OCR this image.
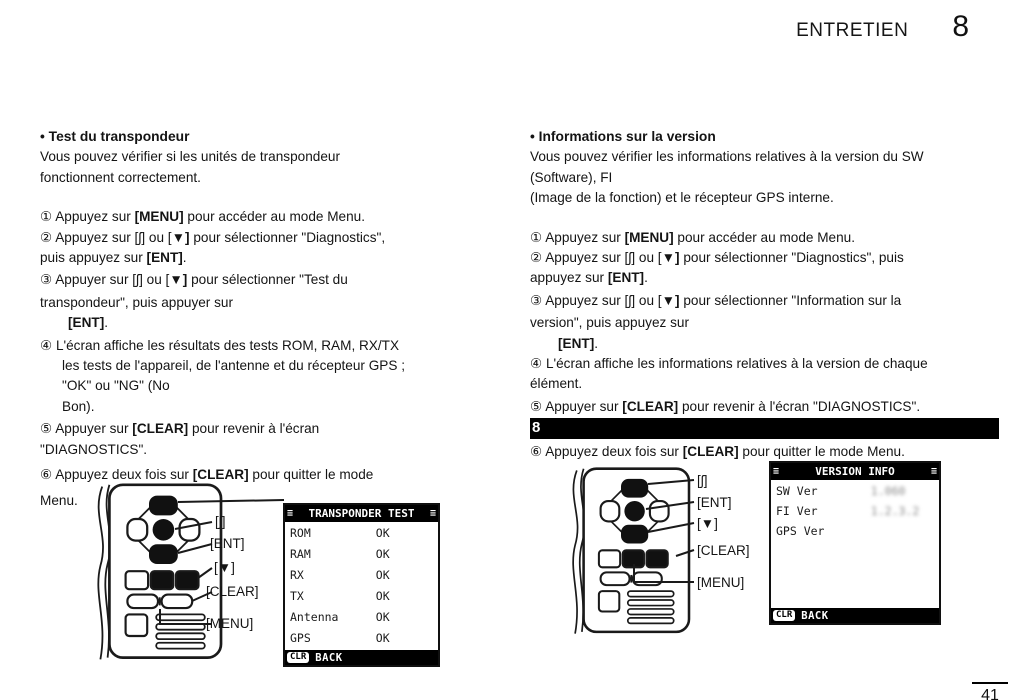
ENTRETIEN 8
• Test du transpondeur
Vous pouvez vérifier si les unités de transpondeur
fonctionnent correctement.
① Appuyez sur [MENU] pour accéder au mode Menu.
② Appuyez sur [ʃ] ou [▼] pour sélectionner "Diagnostics",
puis appuyez sur [ENT].
③ Appuyer sur [ʃ] ou [▼] pour sélectionner "Test du
transpondeur", puis appuyer sur
[ENT].
④ L'écran affiche les résultats des tests ROM, RAM, RX/TX
les tests de l'appareil, de l'antenne et du récepteur GPS ;
"OK" ou "NG" (No
Bon).
⑤ Appuyer sur [CLEAR] pour revenir à l'écran
"DIAGNOSTICS".
⑥ Appuyez deux fois sur [CLEAR] pour quitter le mode
Menu.
• Informations sur la version
Vous pouvez vérifier les informations relatives à la version du SW
(Software), FI
(Image de la fonction) et le récepteur GPS interne.
① Appuyez sur [MENU] pour accéder au mode Menu.
② Appuyez sur [ʃ] ou [▼] pour sélectionner "Diagnostics", puis
appuyez sur [ENT].
③ Appuyez sur [ʃ] ou [▼] pour sélectionner "Information sur la
version", puis appuyez sur
[ENT].
④ L'écran affiche les informations relatives à la version de chaque
élément.
⑤ Appuyer sur [CLEAR] pour revenir à l'écran "DIAGNOSTICS".
8
⑥ Appuyez deux fois sur [CLEAR] pour quitter le mode Menu.
[ʃ]
[ENT]
[▼]
[CLEAR]
[MENU]
[ʃ]
[ENT]
[▼]
[CLEAR]
[MENU]
≡ TRANSPONDER TEST ≡
ROM	OK
RAM	OK
RX	OK
TX	OK
Antenna	OK
GPS	OK
CLR BACK
≡	VERSION INFO	≡
SW Ver	1.060
FI Ver	1.2.3.2
GPS Ver
CLR BACK
41
